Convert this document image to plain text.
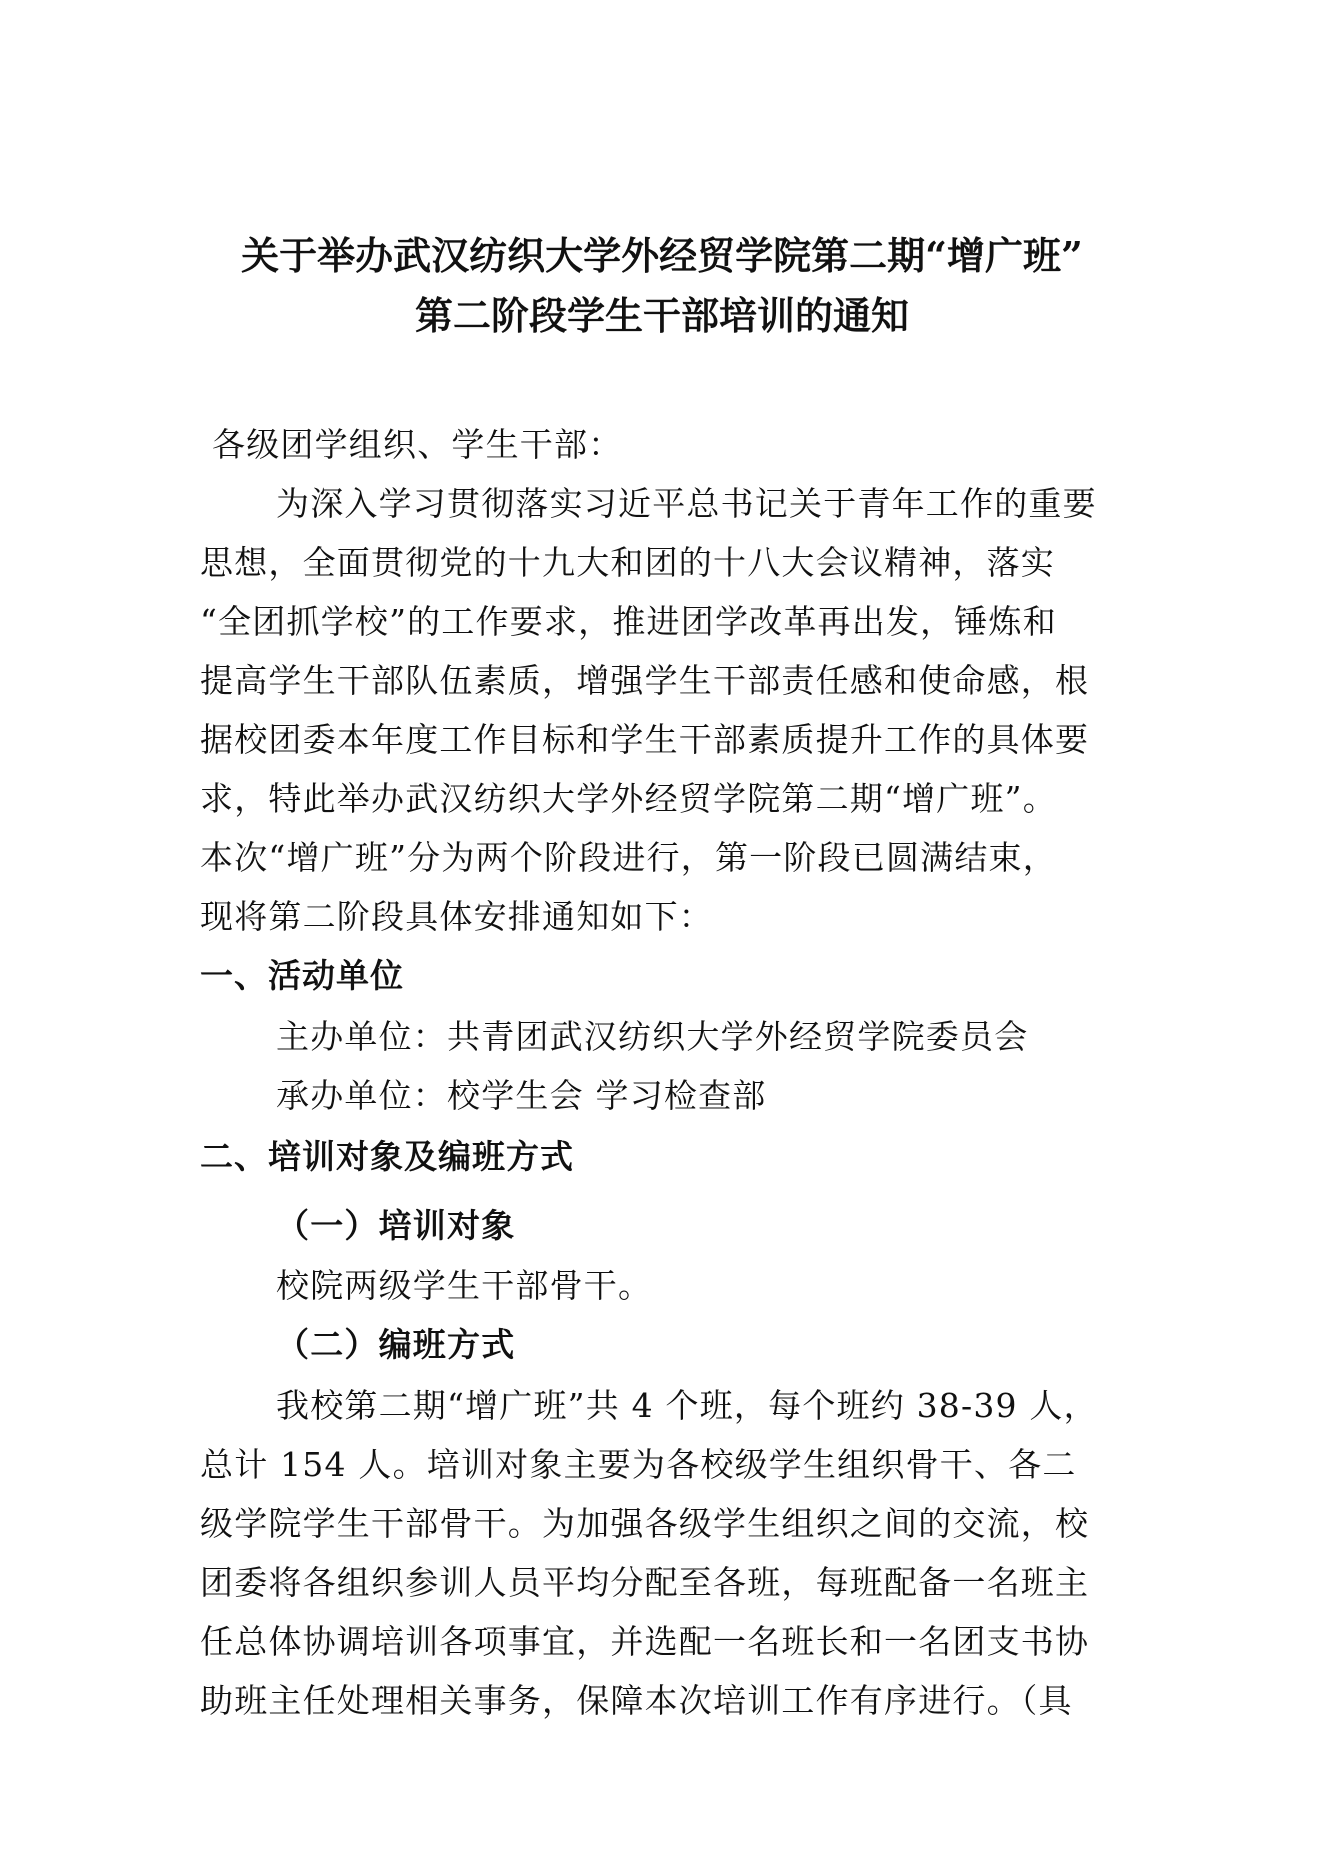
关于举办武汉纺织大学外经贸学院第二期“增广班”
第二阶段学生干部培训的通知
各级团学组织、学生干部：
为深入学习贯彻落实习近平总书记关于青年工作的重要
思想，全面贯彻党的十九大和团的十八大会议精神，落实
“全团抓学校”的工作要求，推进团学改革再出发，锤炼和
提高学生干部队伍素质，增强学生干部责任感和使命感，根
据校团委本年度工作目标和学生干部素质提升工作的具体要
求，特此举办武汉纺织大学外经贸学院第二期“增广班”。
本次“增广班”分为两个阶段进行，第一阶段已圆满结束，
现将第二阶段具体安排通知如下：
一、活动单位
主办单位：共青团武汉纺织大学外经贸学院委员会
承办单位：校学生会 学习检查部
二、培训对象及编班方式
（一）培训对象
校院两级学生干部骨干。
（二）编班方式
我校第二期“增广班”共 4 个班，每个班约 38-39 人，
总计 154 人。培训对象主要为各校级学生组织骨干、各二
级学院学生干部骨干。为加强各级学生组织之间的交流，校
团委将各组织参训人员平均分配至各班，每班配备一名班主
任总体协调培训各项事宜，并选配一名班长和一名团支书协
助班主任处理相关事务，保障本次培训工作有序进行。（具
